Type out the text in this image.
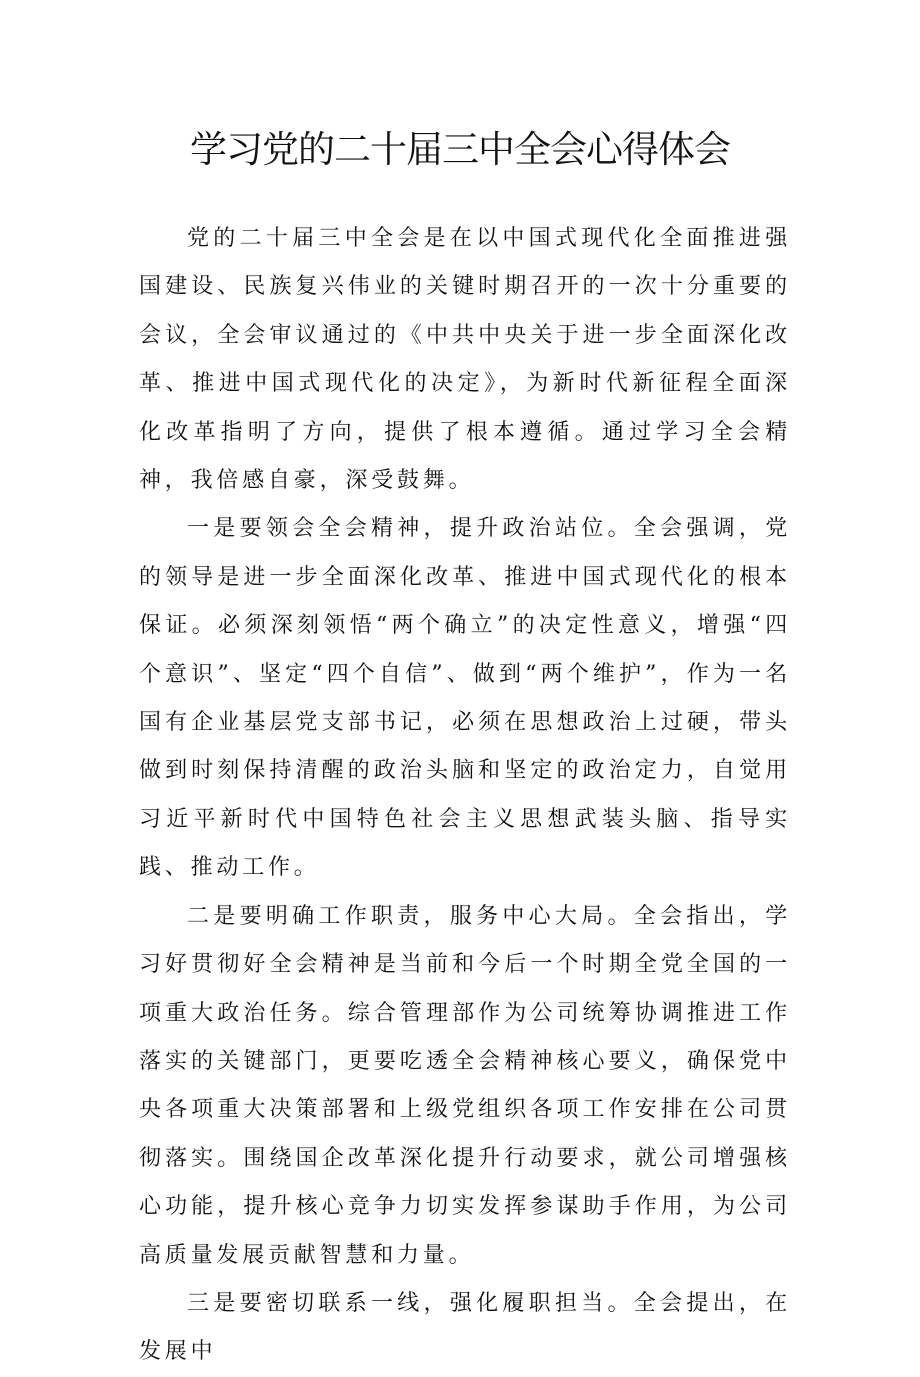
学习党的二十届三中全会心得体会

党的二十届三中全会是在以中国式现代化全面推进强国建设、民族复兴伟业的关键时期召开的一次十分重要的会议，全会审议通过的《中共中央关于进一步全面深化改革、推进中国式现代化的决定》，为新时代新征程全面深化改革指明了方向，提供了根本遵循。通过学习全会精神，我倍感自豪，深受鼓舞。

一是要领会全会精神，提升政治站位。全会强调，党的领导是进一步全面深化改革、推进中国式现代化的根本保证。必须深刻领悟“两个确立”的决定性意义，增强“四个意识”、坚定“四个自信”、做到“两个维护”，作为一名国有企业基层党支部书记，必须在思想政治上过硬，带头做到时刻保持清醒的政治头脑和坚定的政治定力，自觉用习近平新时代中国特色社会主义思想武装头脑、指导实践、推动工作。

二是要明确工作职责，服务中心大局。全会指出，学习好贯彻好全会精神是当前和今后一个时期全党全国的一项重大政治任务。综合管理部作为公司统筹协调推进工作落实的关键部门，更要吃透全会精神核心要义，确保党中央各项重大决策部署和上级党组织各项工作安排在公司贯彻落实。围绕国企改革深化提升行动要求，就公司增强核心功能，提升核心竞争力切实发挥参谋助手作用，为公司高质量发展贡献智慧和力量。

三是要密切联系一线，强化履职担当。全会提出，在发展中
